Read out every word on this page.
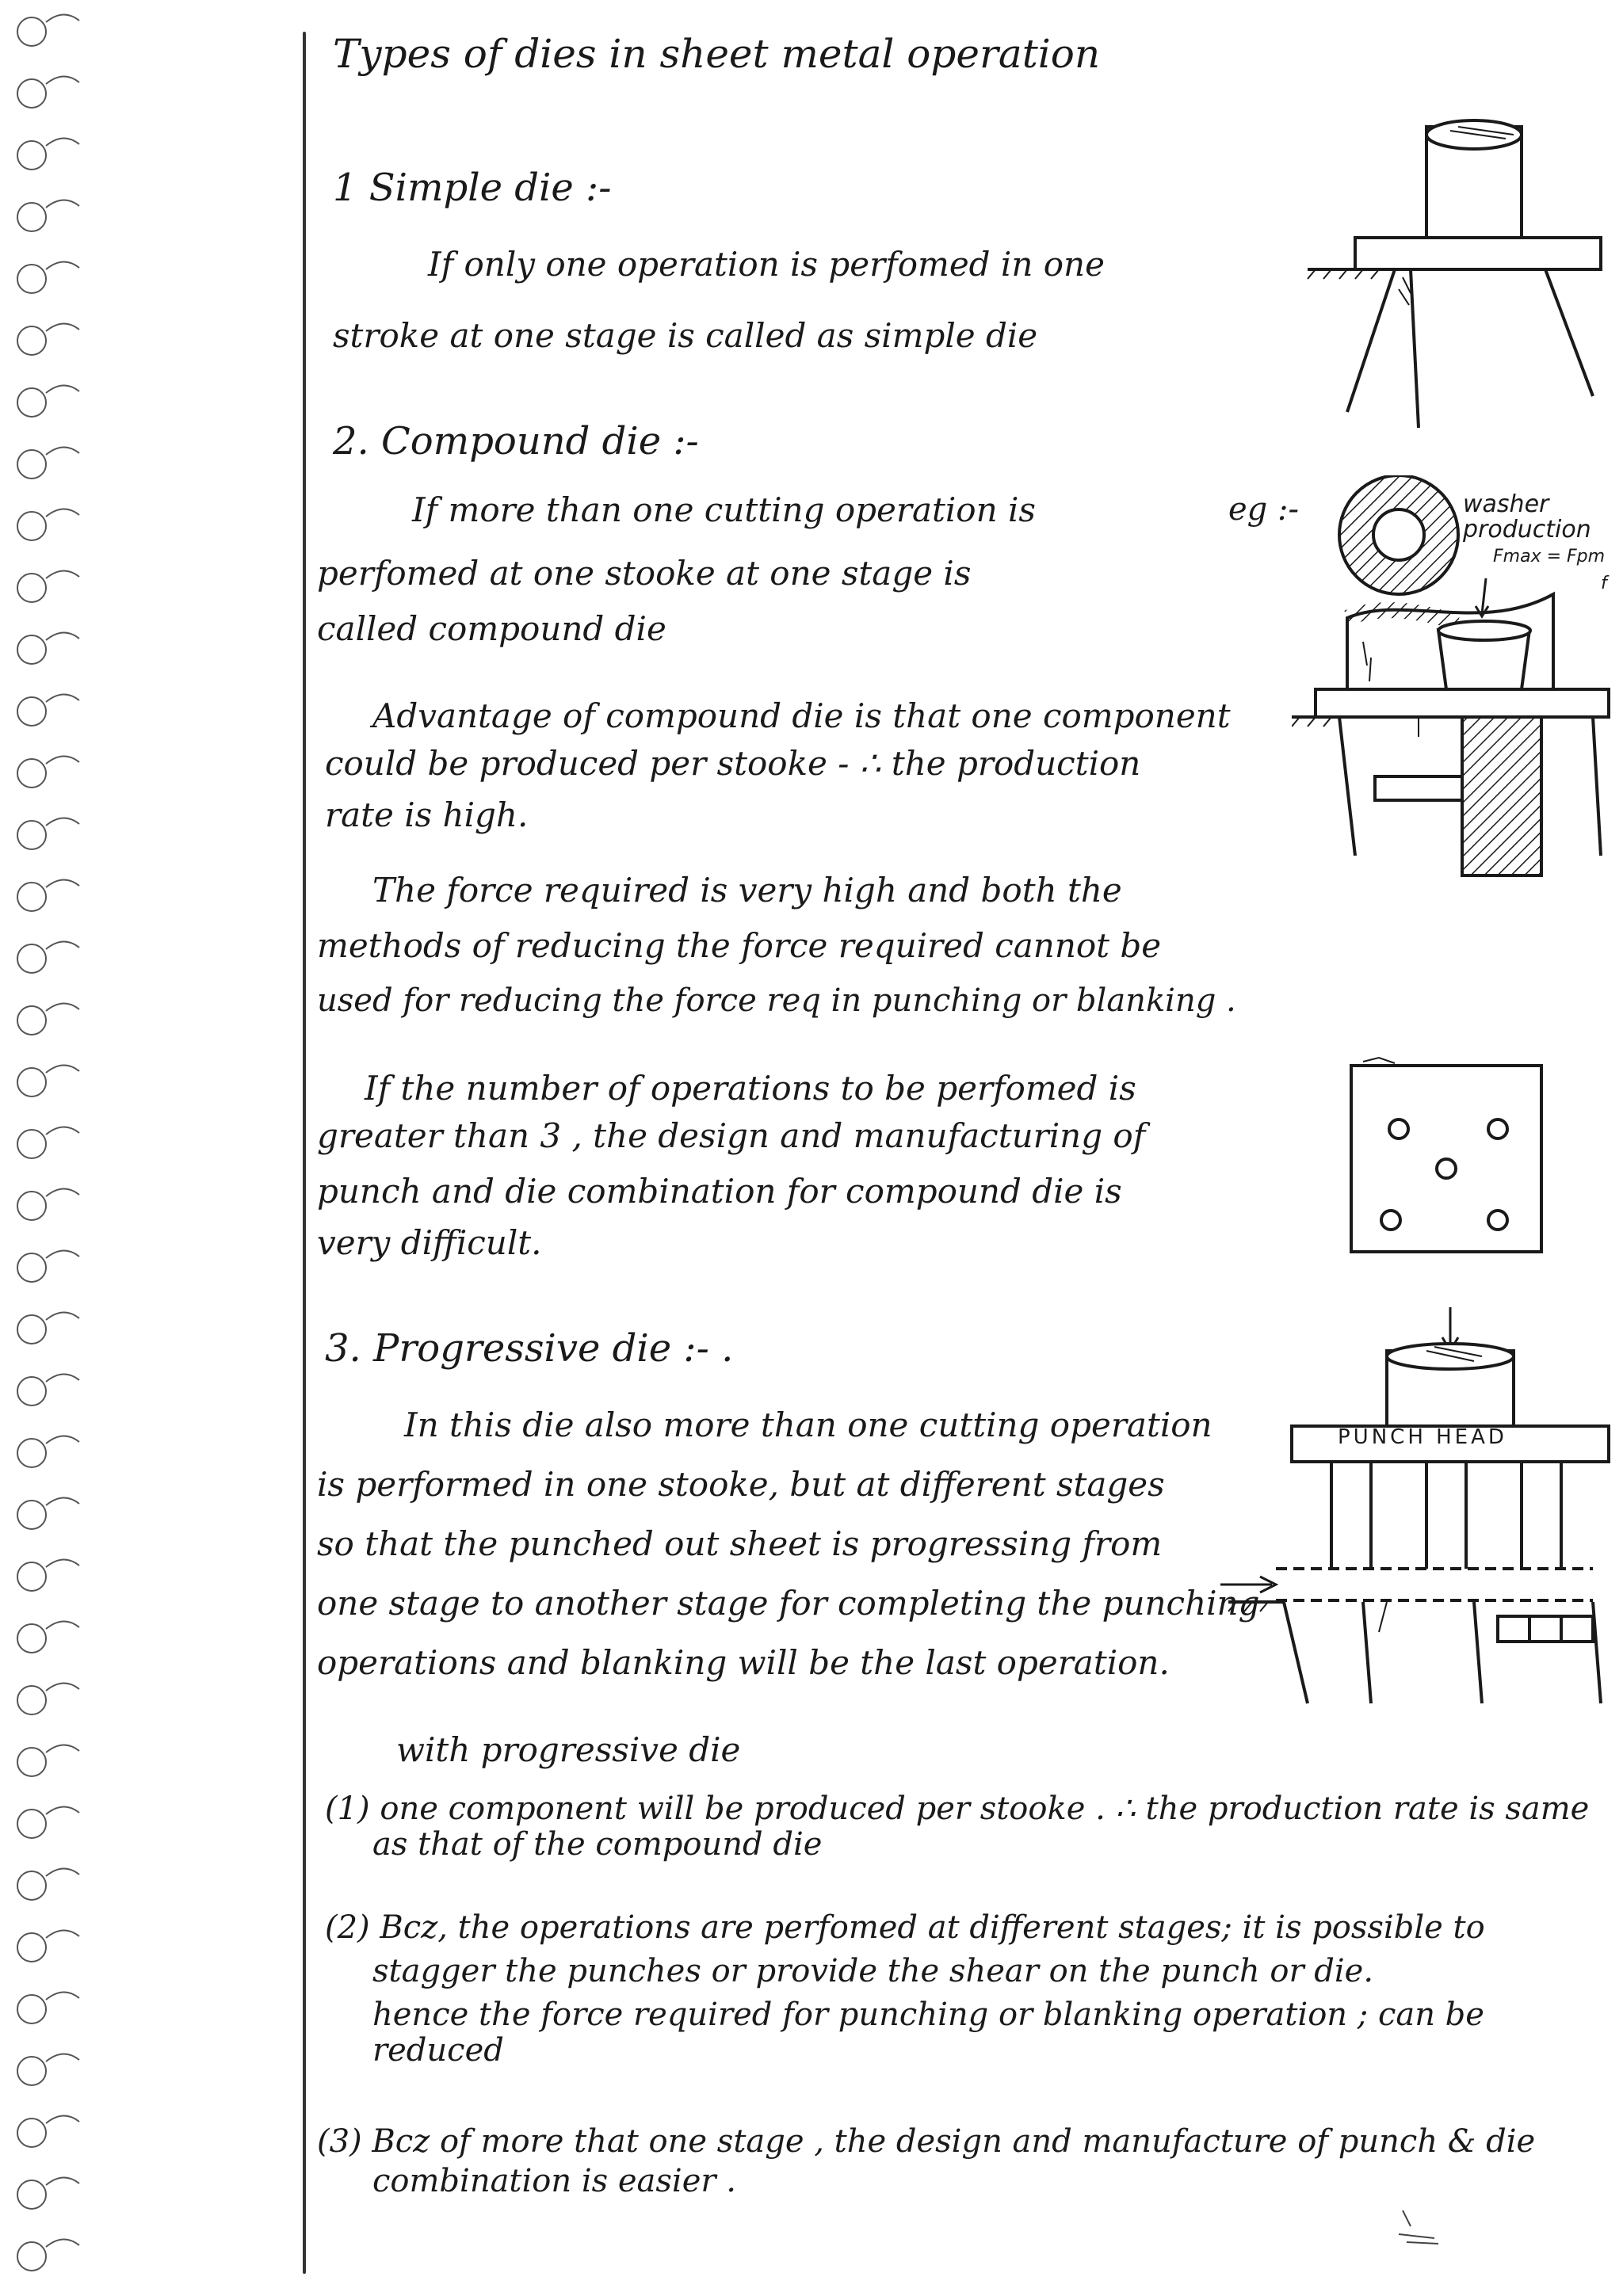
Types of dies in sheet metal operation
1 Simple die :-
If only one operation is perfomed in one
stroke at one stage is called as simple die
2. Compound die :-
If more than one cutting operation is
perfomed at one stooke at one stage is
called compound die
eg :-	washer
production
Fmax = Fpm
f
Advantage of compound die is that one component
could be produced per stooke - ∴ the production
rate is high.
The force required is very high and both the
methods of reducing the force required cannot be
used for reducing the force req in punching or blanking .
If the number of operations to be perfomed is
greater than 3 , the design and manufacturing of
punch and die combination for compound die is
very difficult.
3. Progressive die :- .
In this die also more than one cutting operation
is performed in one stooke, but at different stages
so that the punched out sheet is progressing from
one stage to another stage for completing the punching
operations and blanking will be the last operation.
PUNCH HEAD
with progressive die
(1) one component will be produced per stooke . ∴ the production rate is same
as that of the compound die
(2) Bcz, the operations are perfomed at different stages; it is possible to
stagger the punches or provide the shear on the punch or die.
hence the force required for punching or blanking operation ; can be
reduced
(3) Bcz of more that one stage , the design and manufacture of punch & die
combination is easier .
